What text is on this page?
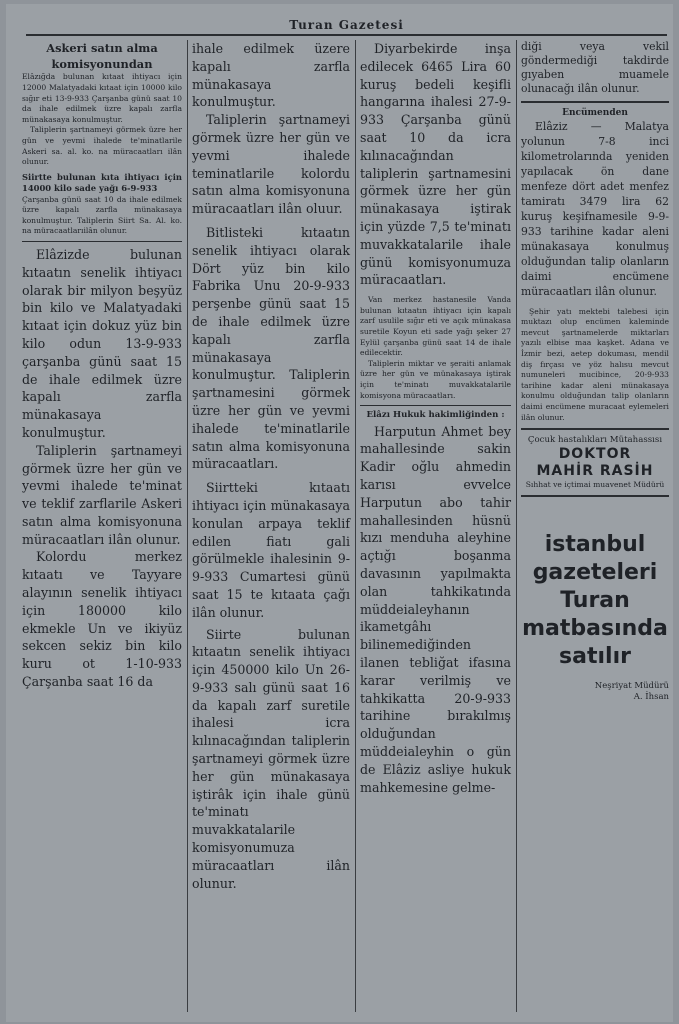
Turan Gazetesi

Askeri satın alma komisyonundan

Elâzığda bulunan kıtaat ihtiyacı için 12000 Malatyadaki kıtaat için 10000 kilo sığır eti 13-9-933 Çarşanba günü saat 10 da ihale edilmek üzre kapalı zarfla münakasaya konulmuştur.

Taliplerin şartnameyi görmek üzre her gün ve yevmi ihalede te'minatlarile Askeri sa. al. ko. na müracaatları ilân olunur.

Siirtte bulunan kıta ihtiyacı için 14000 kilo sade yağı 6-9-933

Çarşanba günü saat 10 da ihale edilmek üzre kapalı zarfla münakasaya konulmuştur. Taliplerin Siirt Sa. Al. ko. na müracaatlarıilân olunur.

Elâzizde bulunan kıtaatın senelik ihtiyacı olarak bir milyon beşyüz bin kilo ve Malatyadaki kıtaat için dokuz yüz bin kilo odun 13-9-933 çarşanba günü saat 15 de ihale edilmek üzre kapalı zarfla münakasaya konulmuştur.

Taliplerin şartnameyi görmek üzre her gün ve yevmi ihalede te'minat ve teklif zarflarile Askeri satın alma komisyonuna müracaatları ilân olunur.

Kolordu merkez kıtaatı ve Tayyare alayının senelik ihtiyacı için 180000 kilo ekmekle Un ve ikiyüz sekсen sekiz bin kilo kuru ot 1-10-933 Çarşanba saat 16 da

ihale edilmek üzere kapalı zarfla münakasaya konulmuştur.

Taliplerin şartnameyi görmek üzre her gün ve yevmi ihalede teminatlarile kolordu satın alma komisyonuna müracaatları ilân oluur.

Bitlisteki kıtaatın senelik ihtiyacı olarak Dört yüz bin kilo Fabrika Unu 20-9-933 perşenbe günü saat 15 de ihale edilmek üzre kapalı zarfla münakasaya konulmuştur. Taliplerin şartnamesini görmek üzre her gün ve yevmi ihalede te'minatlarile satın alma komisyonuna müracaatları.

Siirtteki kıtaatı ihtiyacı için münakasaya konulan arpaya teklif edilen fiatı gali görülmekle ihalesinin 9-9-933 Cumartesi günü saat 15 te kıtaata çağı ilân olunur.

Siirte bulunan kıtaatın senelik ihtiyacı için 450000 kilo Un 26-9-933 salı günü saat 16 da kapalı zarf suretile ihalesi icra kılınacağından taliplerin şartnameyi görmek üzre her gün münakasaya iştirâk için ihale günü te'minatı muvakkatalarile komisyonumuza müracaatları ilân olunur.

Diyarbekirde inşa edilecek 6465 Lira 60 kuruş bedeli keşifli hangarına ihalesi 27-9-933 Çarşanba günü saat 10 da icra kılınacağından taliplerin şartnamesini görmek üzre her gün münakasaya iştirak için yüzde 7,5 te'minatı muvakkatalarile ihale günü komisyonumuza müracaatları.

Van merkez hastanesile Vanda bulunan kıtaatın ihtiyacı için kapalı zarf usulile sığır eti ve açık münakasa suretile Koyun eti sade yağı şeker 27 Eylül çarşanba günü saat 14 de ihale edilecektir.

Taliplerin miktar ve şeraiti anlamak üzre her gün ve münakasaya iştirak için te'minatı muvakkatalarile komisyona müracaatları.

Elâzı Hukuk hakimliğinden :

Harputun Ahmet bey mahallesinde sakin Kadir oğlu ahmedin karısı evvelce Harputun abo tahir mahallesinden hüsnü kızı menduha aleyhine açtığı boşanma davasının yapılmakta olan tahkikatında müddeialeyhanın ikametgâhı bilinemediğinden ilanen tebliğat ifasına karar verilmiş ve tahkikatta 20-9-933 tarihine bırakılmış olduğundan müddeialeyhin o gün de Elâziz asliye hukuk mahkemesine gelme-

diği veya vekil göndermediği takdirde gıyaben muamele olunacağı ilân olunur.

Encümenden

Elâziz — Malatya yolunun 7-8 inci kilometrolarında yeniden yapılacak ön dane menfeze dört adet menfez tamiratı 3479 lira 62 kuruş keşifnamesile 9-9-933 tarihine kadar aleni münakasaya konulmuş olduğundan talip olanların daimi encümene müracaatları ilân olunur.

Şehir yatı mektebi talebesi için muktazı olup encümen kaleminde mevcut şartnamelerde miktarları yazılı elbise maa kaşket. Adana ve İzmir bezi, aetep dokuması, mendil diş fırçası ve yöz halısu mevcut numuneleri mucibince, 20-9-933 tarihine kadar aleni münakasaya konulmu olduğundan talip olanların daimi encümene muracaat eylemeleri ilân olunur.

Çocuk hastalıkları Mütahassısı

DOKTOR
MAHİR RASİH

Sıhhat ve içtimai muavenet Müdürü

istanbul
gazeteleri
Turan
matbasında
satılır
Neşriyat Müdürü
A. İhsan
